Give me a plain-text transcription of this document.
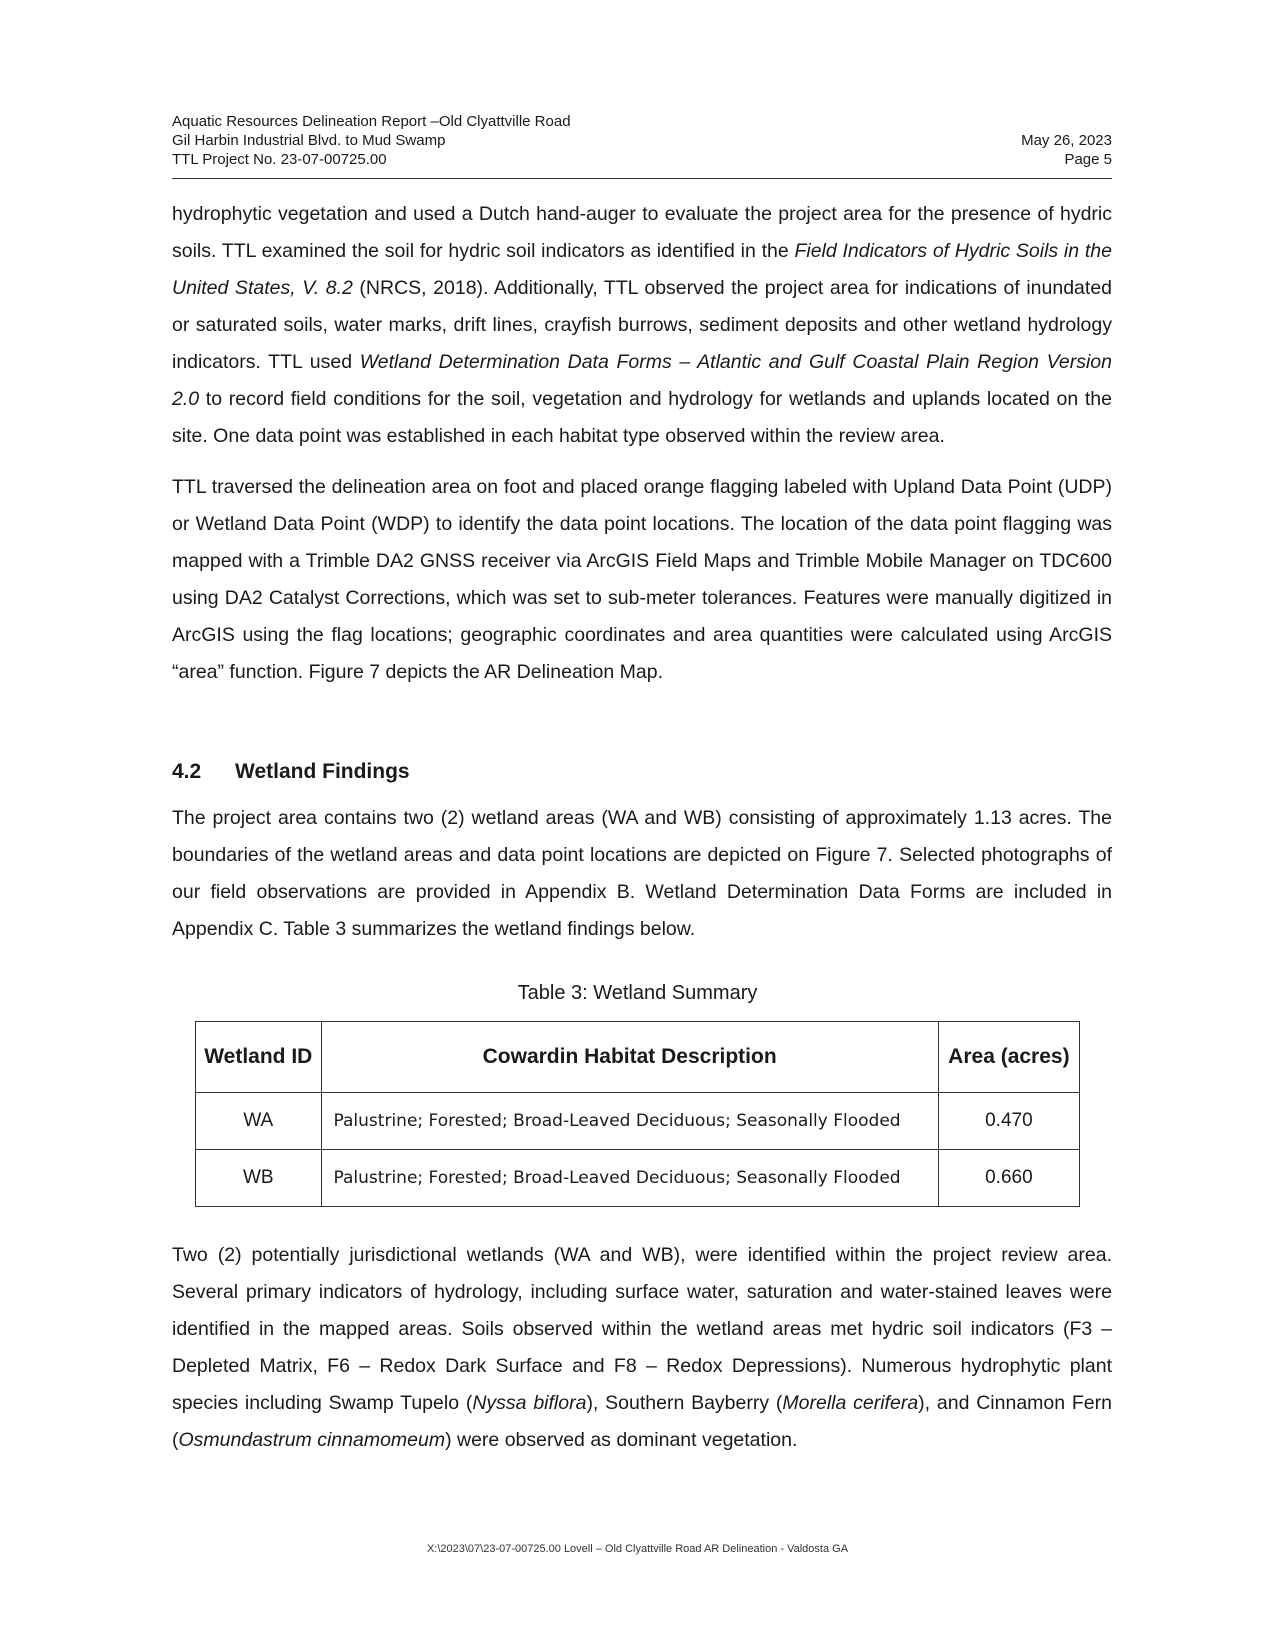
Aquatic Resources Delineation Report –Old Clyattville Road
Gil Harbin Industrial Blvd. to Mud Swamp
TTL Project No. 23-07-00725.00
May 26, 2023
Page 5

hydrophytic vegetation and used a Dutch hand-auger to evaluate the project area for the presence of hydric soils. TTL examined the soil for hydric soil indicators as identified in the Field Indicators of Hydric Soils in the United States, V. 8.2 (NRCS, 2018). Additionally, TTL observed the project area for indications of inundated or saturated soils, water marks, drift lines, crayfish burrows, sediment deposits and other wetland hydrology indicators. TTL used Wetland Determination Data Forms – Atlantic and Gulf Coastal Plain Region Version 2.0 to record field conditions for the soil, vegetation and hydrology for wetlands and uplands located on the site. One data point was established in each habitat type observed within the review area.

TTL traversed the delineation area on foot and placed orange flagging labeled with Upland Data Point (UDP) or Wetland Data Point (WDP) to identify the data point locations. The location of the data point flagging was mapped with a Trimble DA2 GNSS receiver via ArcGIS Field Maps and Trimble Mobile Manager on TDC600 using DA2 Catalyst Corrections, which was set to sub-meter tolerances. Features were manually digitized in ArcGIS using the flag locations; geographic coordinates and area quantities were calculated using ArcGIS “area” function. Figure 7 depicts the AR Delineation Map.

4.2 Wetland Findings

The project area contains two (2) wetland areas (WA and WB) consisting of approximately 1.13 acres. The boundaries of the wetland areas and data point locations are depicted on Figure 7. Selected photographs of our field observations are provided in Appendix B. Wetland Determination Data Forms are included in Appendix C. Table 3 summarizes the wetland findings below.

Table 3: Wetland Summary
Wetland ID	Cowardin Habitat Description	Area (acres)
WA	Palustrine; Forested; Broad-Leaved Deciduous; Seasonally Flooded	0.470
WB	Palustrine; Forested; Broad-Leaved Deciduous; Seasonally Flooded	0.660

Two (2) potentially jurisdictional wetlands (WA and WB), were identified within the project review area. Several primary indicators of hydrology, including surface water, saturation and water-stained leaves were identified in the mapped areas. Soils observed within the wetland areas met hydric soil indicators (F3 – Depleted Matrix, F6 – Redox Dark Surface and F8 – Redox Depressions). Numerous hydrophytic plant species including Swamp Tupelo (Nyssa biflora), Southern Bayberry (Morella cerifera), and Cinnamon Fern (Osmundastrum cinnamomeum) were observed as dominant vegetation.

X:\2023\07\23-07-00725.00 Lovell – Old Clyattville Road AR Delineation - Valdosta GA
